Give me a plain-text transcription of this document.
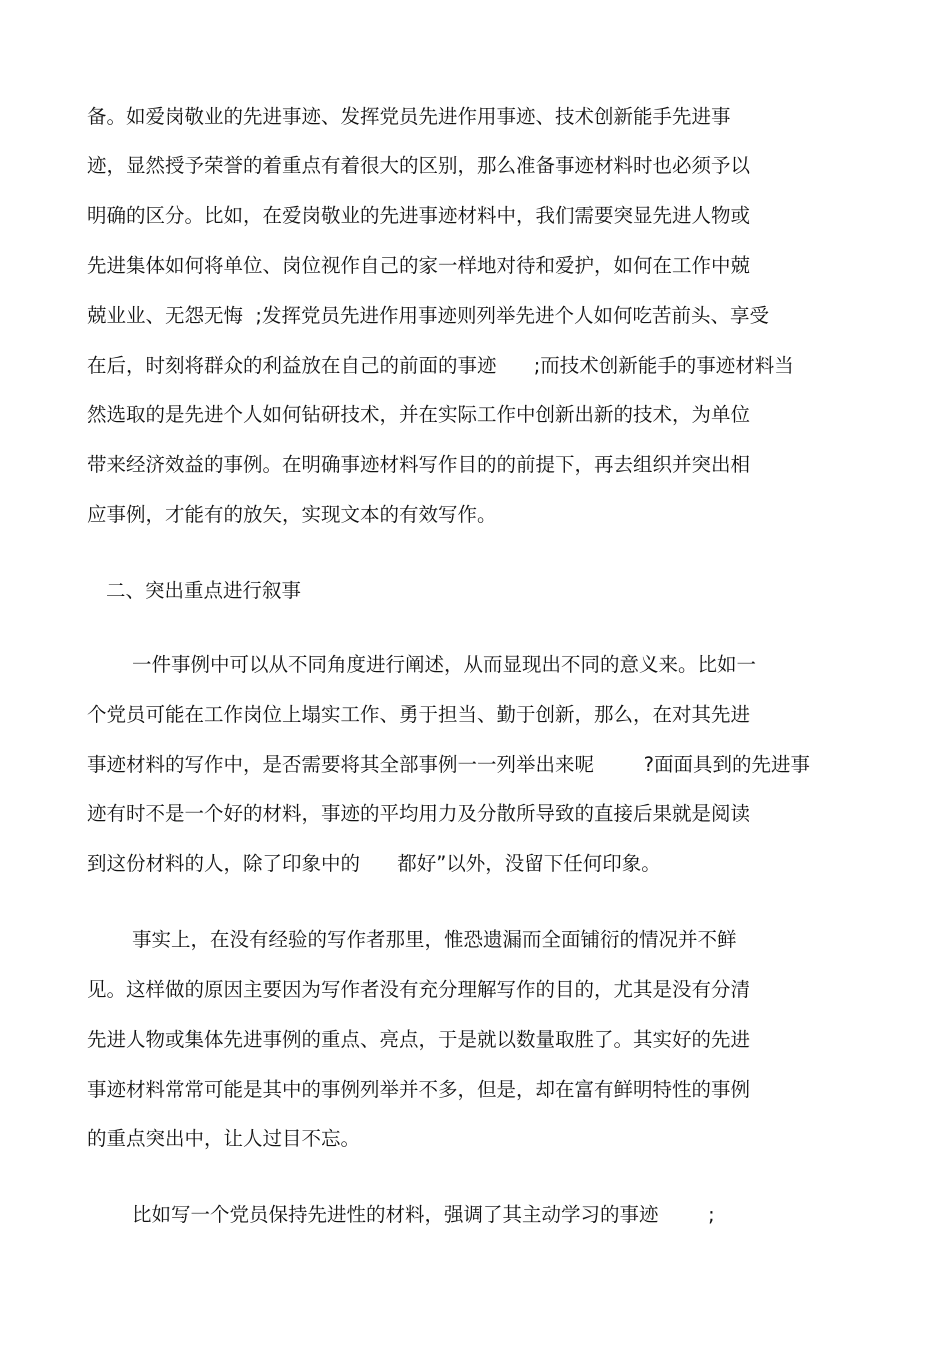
备。如爱岗敬业的先进事迹、发挥党员先进作用事迹、技术创新能手先进事
迹，显然授予荣誉的着重点有着很大的区别，那么准备事迹材料时也必须予以
明确的区分。比如，在爱岗敬业的先进事迹材料中，我们需要突显先进人物或
先进集体如何将单位、岗位视作自己的家一样地对待和爱护，如何在工作中兢
兢业业、无怨无悔  ;发挥党员先进作用事迹则列举先进个人如何吃苦前头、享受
在后，时刻将群众的利益放在自己的前面的事迹      ;而技术创新能手的事迹材料当
然选取的是先进个人如何钻研技术，并在实际工作中创新出新的技术，为单位
带来经济效益的事例。在明确事迹材料写作目的的前提下，再去组织并突出相
应事例，才能有的放矢，实现文本的有效写作。
二、突出重点进行叙事
一件事例中可以从不同角度进行阐述，从而显现出不同的意义来。比如一
个党员可能在工作岗位上塌实工作、勇于担当、勤于创新，那么，在对其先进
事迹材料的写作中，是否需要将其全部事例一一列举出来呢        ?面面具到的先进事
迹有时不是一个好的材料，事迹的平均用力及分散所导致的直接后果就是阅读
到这份材料的人，除了印象中的      都好”以外，没留下任何印象。
事实上，在没有经验的写作者那里，惟恐遗漏而全面铺衍的情况并不鲜
见。这样做的原因主要因为写作者没有充分理解写作的目的，尤其是没有分清
先进人物或集体先进事例的重点、亮点，于是就以数量取胜了。其实好的先进
事迹材料常常可能是其中的事例列举并不多，但是，却在富有鲜明特性的事例
的重点突出中，让人过目不忘。
比如写一个党员保持先进性的材料，强调了其主动学习的事迹        ;
